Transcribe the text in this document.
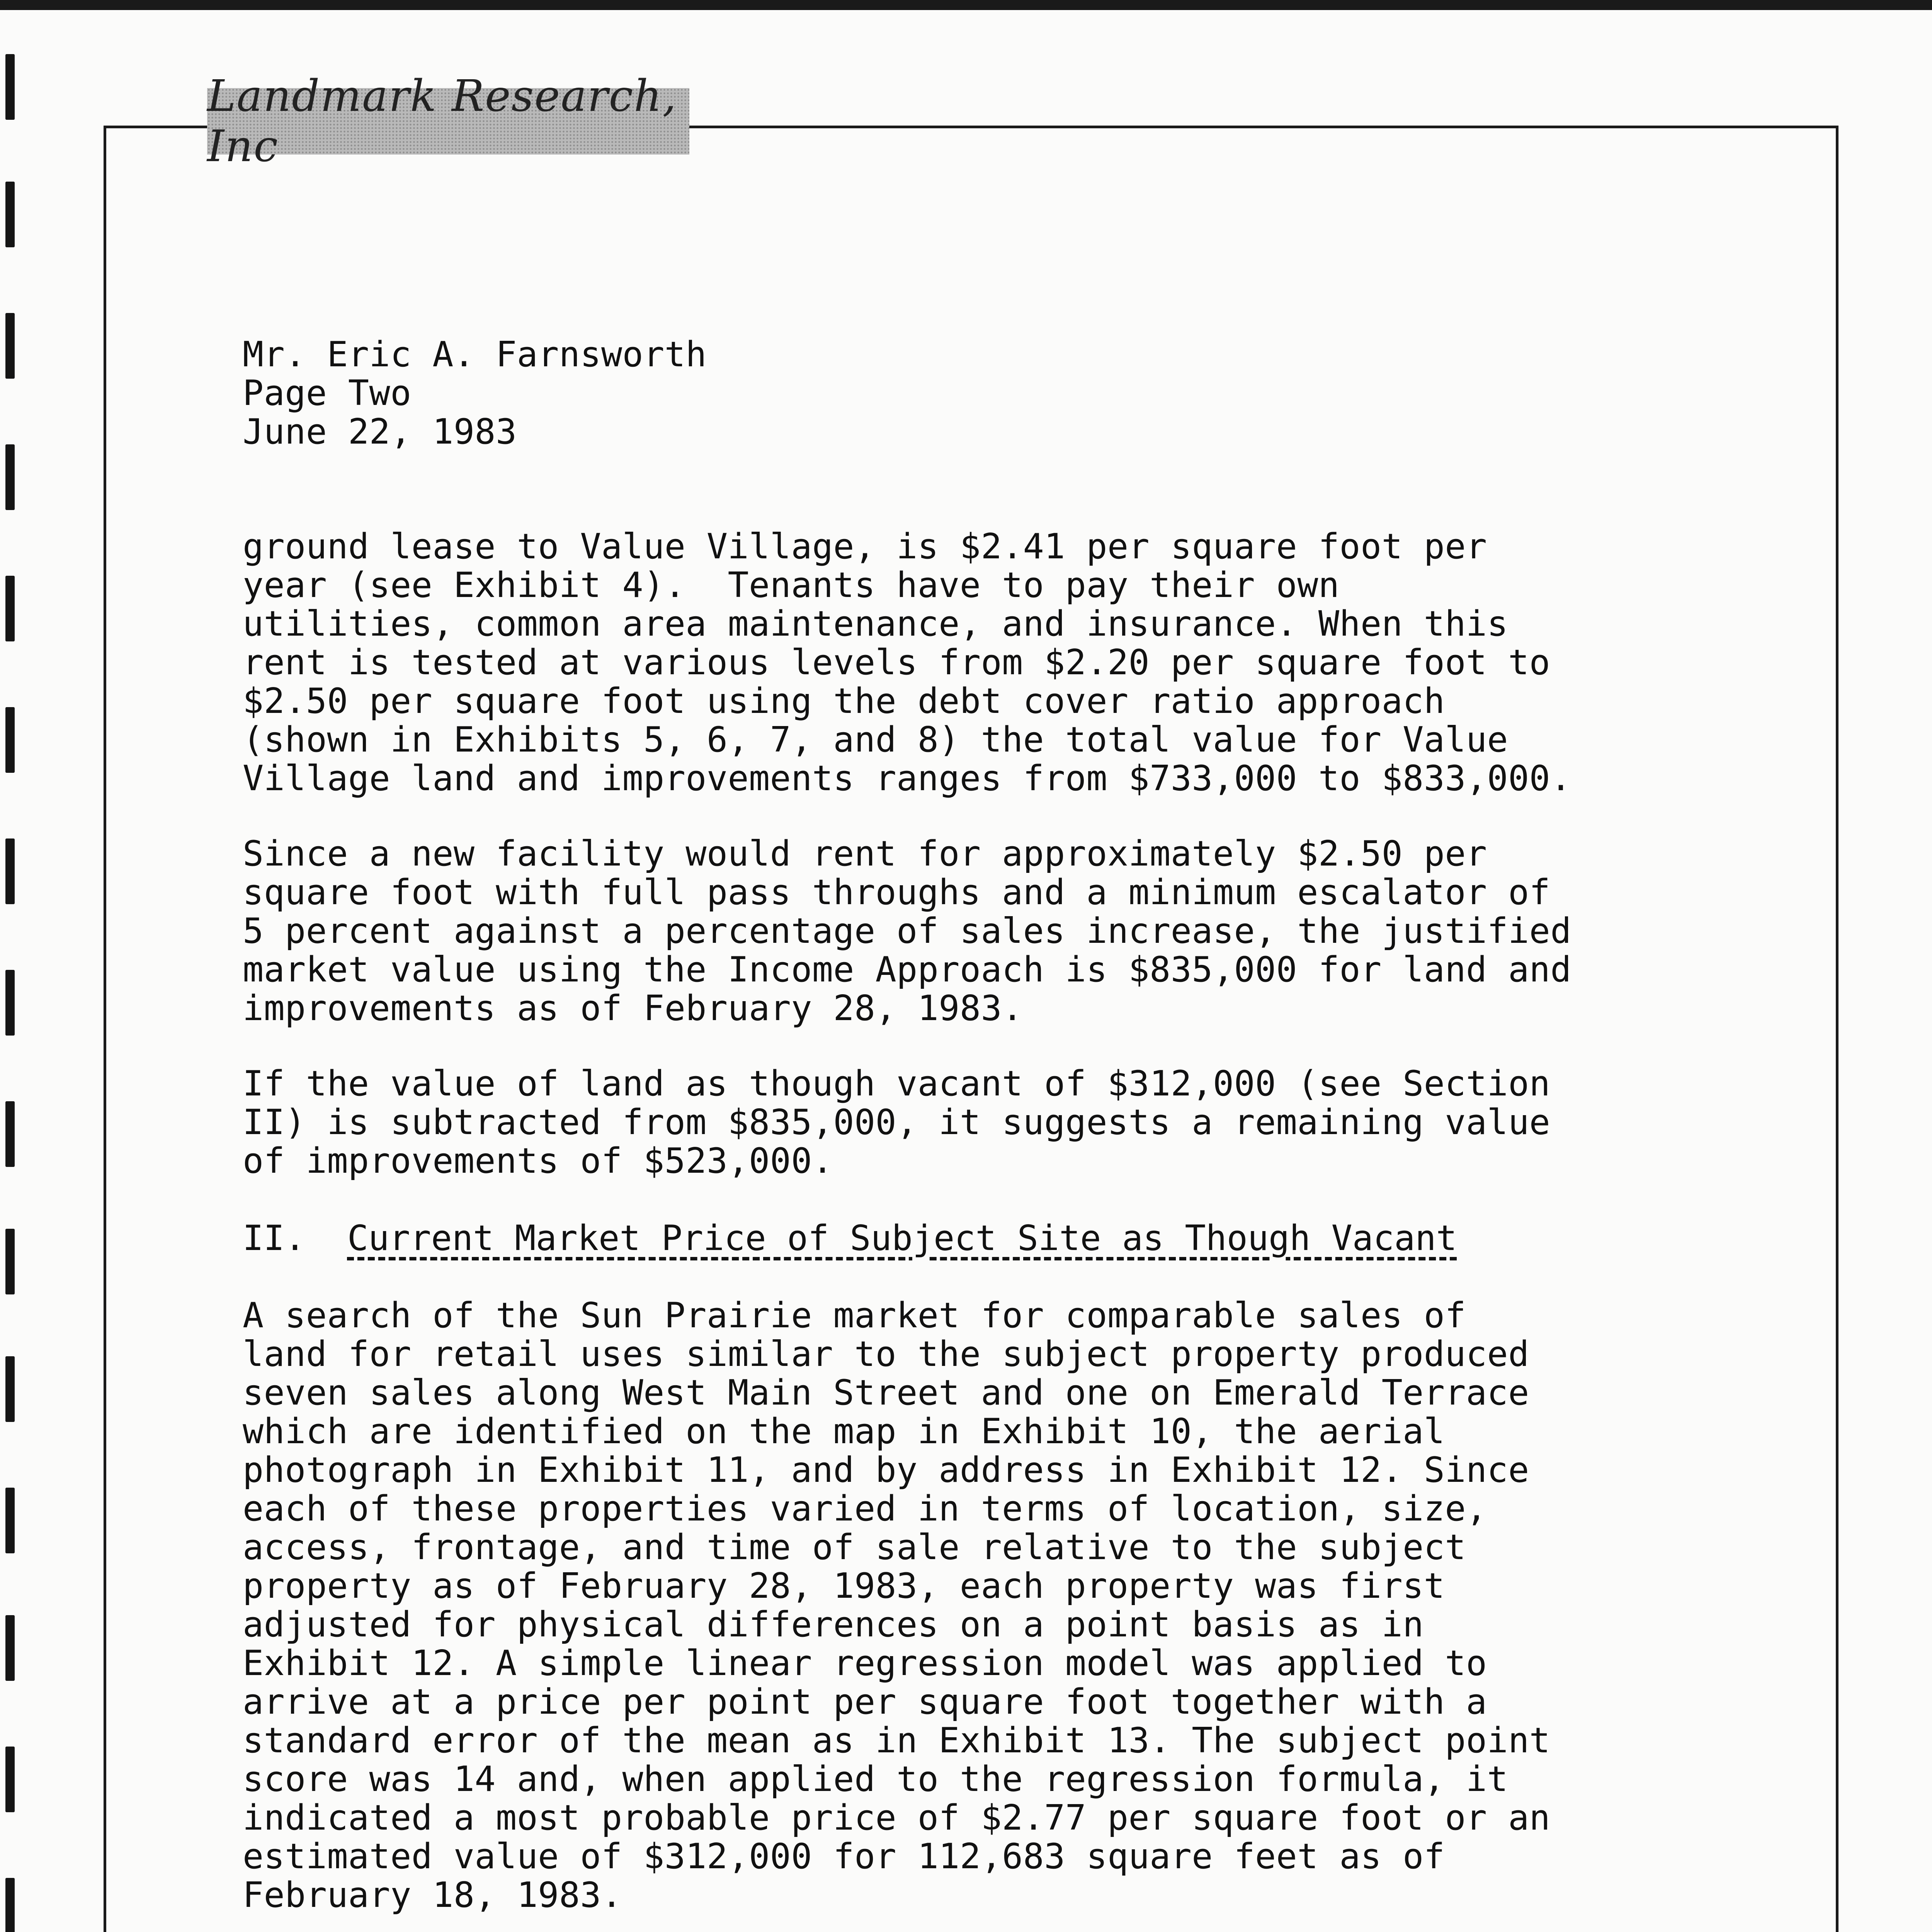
Landmark Research, Inc
Mr. Eric A. Farnsworth
Page Two
June 22, 1983
ground lease to Value Village, is $2.41 per square foot per
year (see Exhibit 4).  Tenants have to pay their own
utilities, common area maintenance, and insurance. When this
rent is tested at various levels from $2.20 per square foot to
$2.50 per square foot using the debt cover ratio approach
(shown in Exhibits 5, 6, 7, and 8) the total value for Value
Village land and improvements ranges from $733,000 to $833,000.
Since a new facility would rent for approximately $2.50 per
square foot with full pass throughs and a minimum escalator of
5 percent against a percentage of sales increase, the justified
market value using the Income Approach is $835,000 for land and
improvements as of February 28, 1983.
If the value of land as though vacant of $312,000 (see Section
II) is subtracted from $835,000, it suggests a remaining value
of improvements of $523,000.
II. Current Market Price of Subject Site as Though Vacant
A search of the Sun Prairie market for comparable sales of
land for retail uses similar to the subject property produced
seven sales along West Main Street and one on Emerald Terrace
which are identified on the map in Exhibit 10, the aerial
photograph in Exhibit 11, and by address in Exhibit 12. Since
each of these properties varied in terms of location, size,
access, frontage, and time of sale relative to the subject
property as of February 28, 1983, each property was first
adjusted for physical differences on a point basis as in
Exhibit 12. A simple linear regression model was applied to
arrive at a price per point per square foot together with a
standard error of the mean as in Exhibit 13. The subject point
score was 14 and, when applied to the regression formula, it
indicated a most probable price of $2.77 per square foot or an
estimated value of $312,000 for 112,683 square feet as of
February 18, 1983.
